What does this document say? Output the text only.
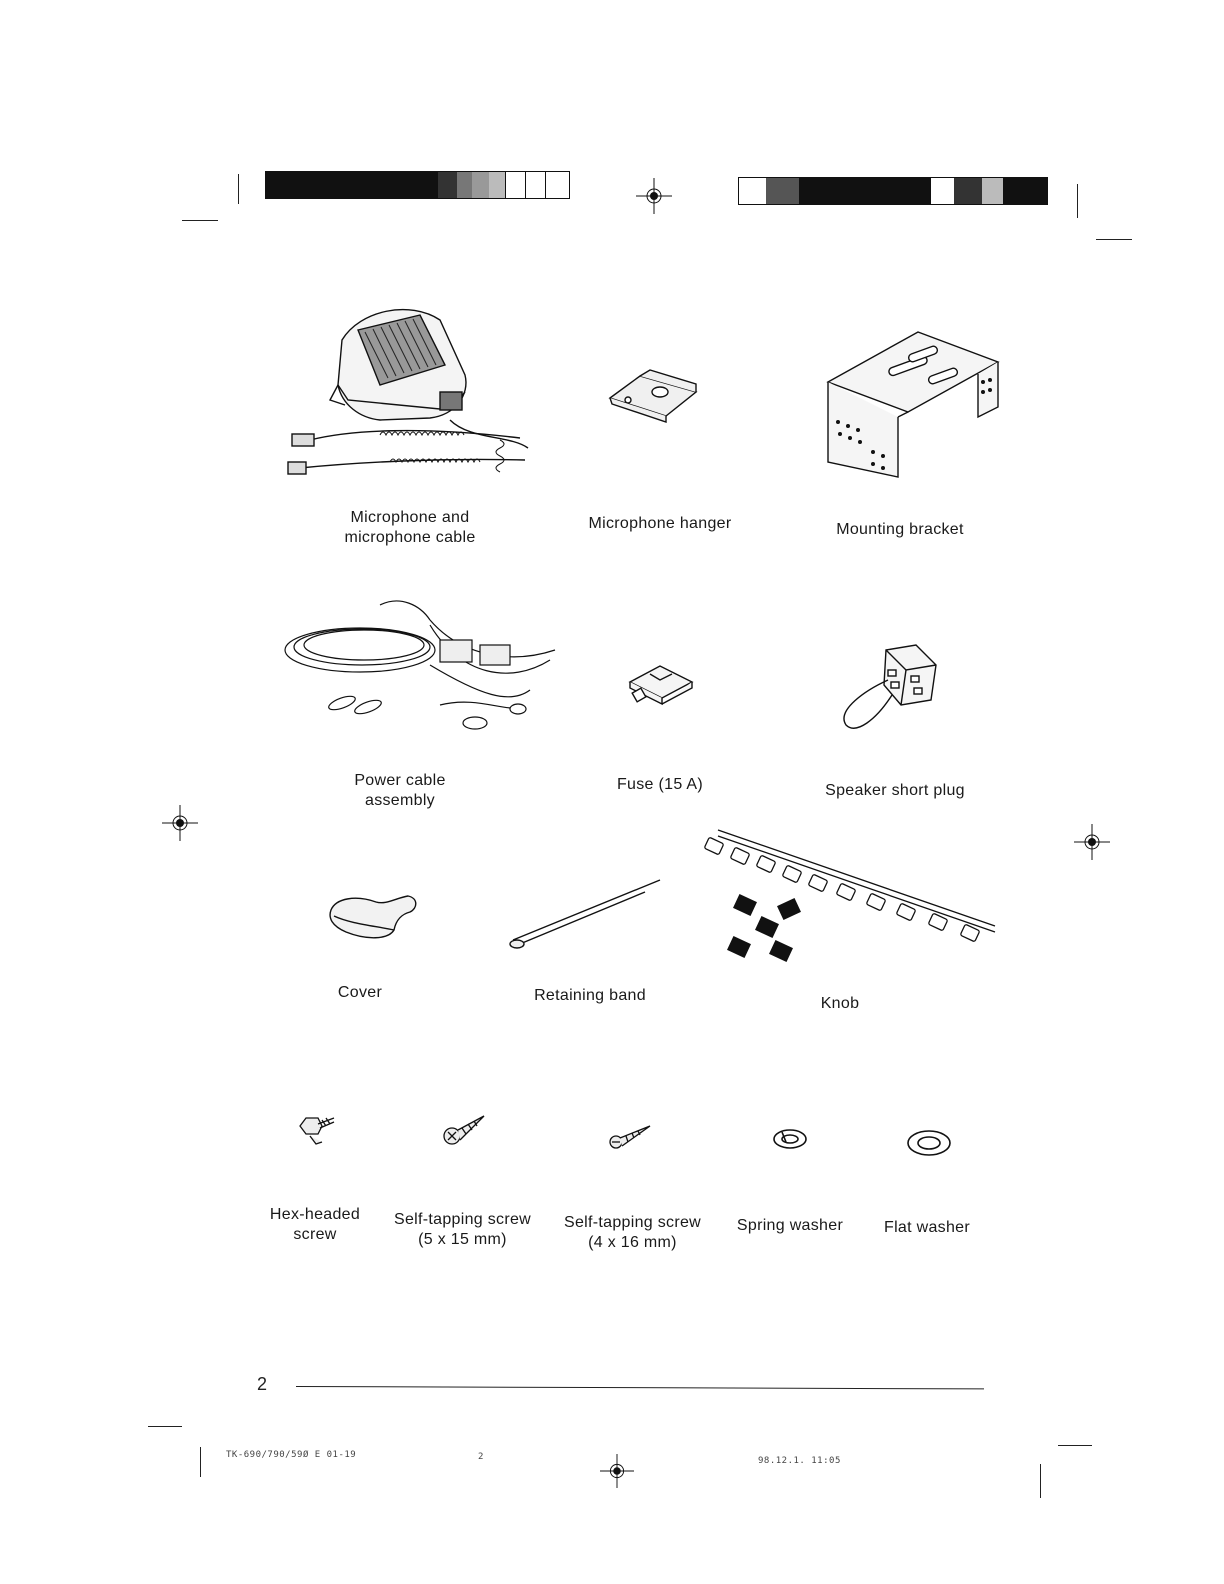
Microphone and
microphone cable
Microphone hanger	Mounting bracket
Power cable
assembly
Fuse (15 A)	Speaker short plug
Cover	Retaining band	Knob
Hex-headed
screw
Self-tapping screw
(5 x 15 mm)
Self-tapping screw
(4 x 16 mm)
Spring washer	Flat washer
2
TK-690/790/59Ø E 01-19	2	98.12.1. 11:05
